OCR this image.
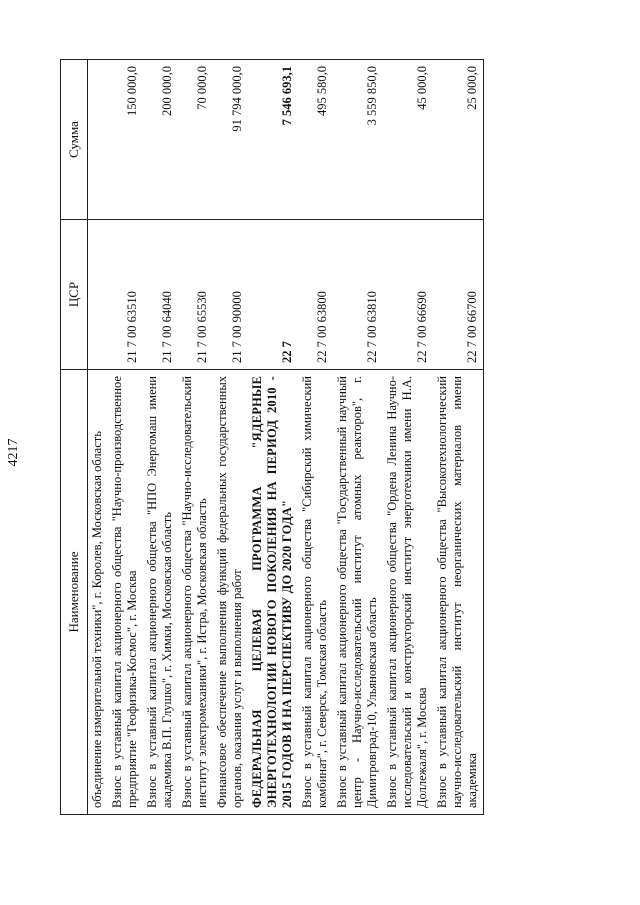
4217
Наименование	ЦСР	Сумма
объединение измерительной техники", г. Королев, Московская область		
Взнос в уставный капитал акционерного общества "Научно-производственное предприятие "Геофизика-Космос", г. Москва	21 7 00 63510	150 000,0
Взнос в уставный капитал акционерного общества "НПО Энергомаш имени академика В.П. Глушко", г. Химки, Московская область	21 7 00 64040	200 000,0
Взнос в уставный капитал акционерного общества "Научно-исследовательский институт электромеханики", г. Истра, Московская область	21 7 00 65530	70 000,0
Финансовое обеспечение выполнения функций федеральных государственных органов, оказания услуг и выполнения работ	21 7 00 90000	91 794 000,0
ФЕДЕРАЛЬНАЯ ЦЕЛЕВАЯ ПРОГРАММА "ЯДЕРНЫЕ ЭНЕРГОТЕХНОЛОГИИ НОВОГО ПОКОЛЕНИЯ НА ПЕРИОД 2010 - 2015 ГОДОВ И НА ПЕРСПЕКТИВУ ДО 2020 ГОДА"	22 7	7 546 693,1
Взнос в уставный капитал акционерного общества "Сибирский химический комбинат", г. Северск, Томская область	22 7 00 63800	495 580,0
Взнос в уставный капитал акционерного общества "Государственный научный центр - Научно-исследовательский институт атомных реакторов", г. Димитровград-10, Ульяновская область	22 7 00 63810	3 559 850,0
Взнос в уставный капитал акционерного общества "Ордена Ленина Научно-исследовательский и конструкторский институт энерготехники имени Н.А. Доллежаля", г. Москва	22 7 00 66690	45 000,0
Взнос в уставный капитал акционерного общества "Высокотехнологический научно-исследовательский институт неорганических материалов имени академика	22 7 00 66700	25 000,0
